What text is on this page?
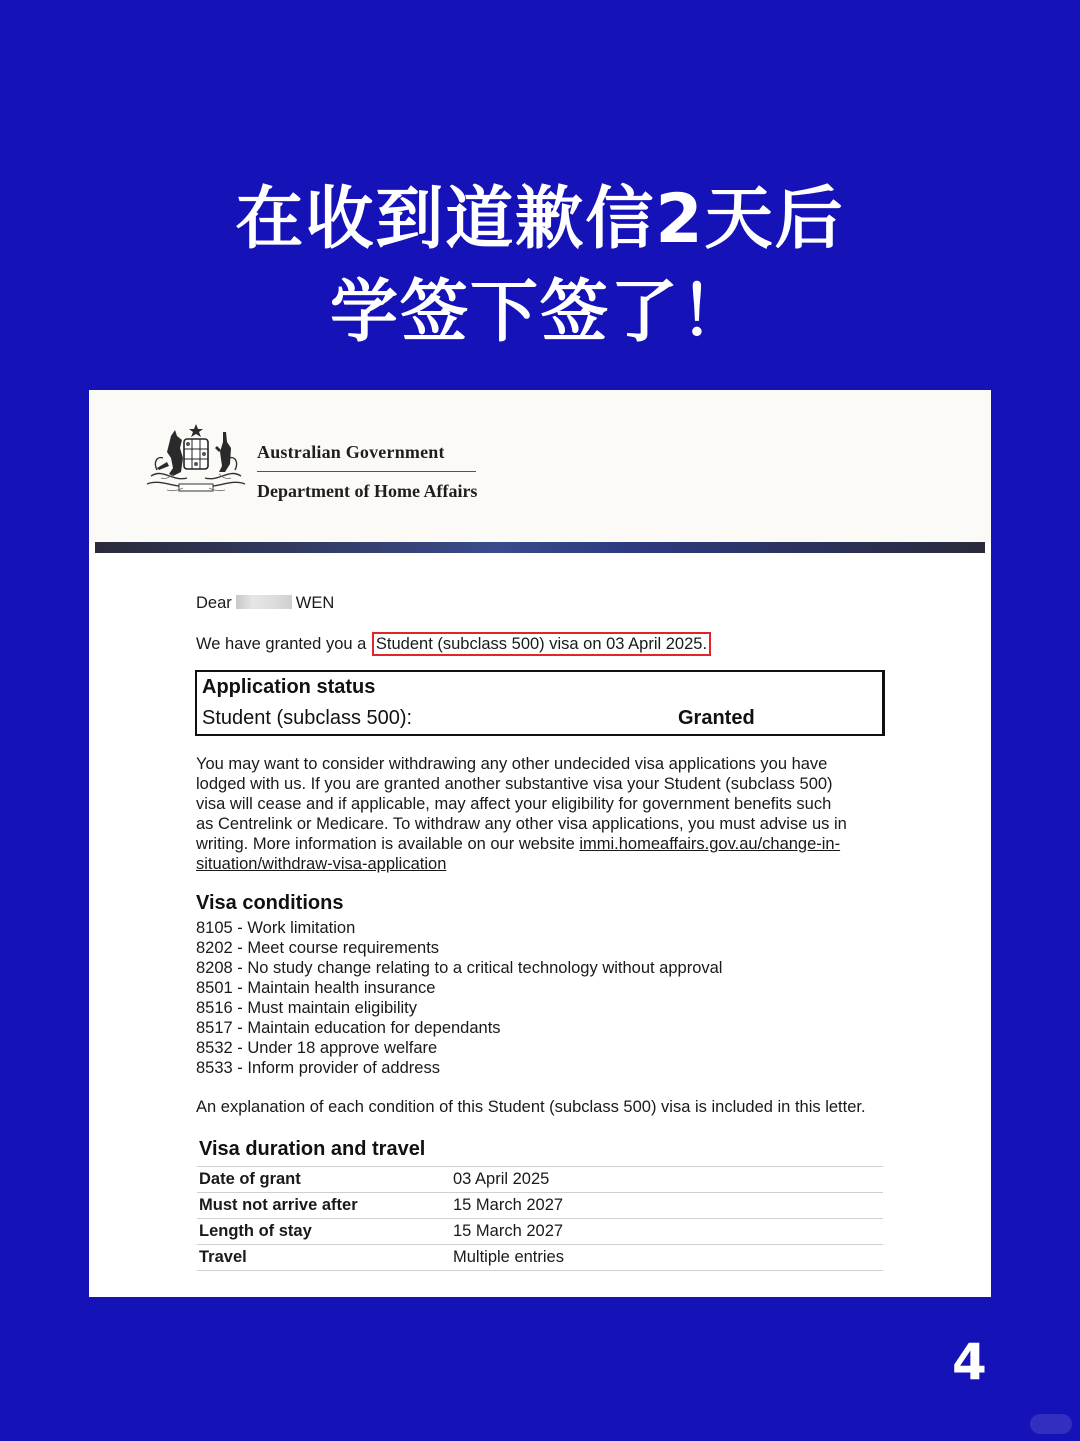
在收到道歉信2天后
学签下签了！
Australian Government
Department of Home Affairs
Dear	WEN
We have granted you a Student (subclass 500) visa on 03 April 2025.
Application status
Student (subclass 500):	Granted
You may want to consider withdrawing any other undecided visa applications you have
lodged with us. If you are granted another substantive visa your Student (subclass 500)
visa will cease and if applicable, may affect your eligibility for government benefits such
as Centrelink or Medicare. To withdraw any other visa applications, you must advise us in
writing. More information is available on our website immi.homeaffairs.gov.au/change-in-
situation/withdraw-visa-application
Visa conditions
8105 - Work limitation
8202 - Meet course requirements
8208 - No study change relating to a critical technology without approval
8501 - Maintain health insurance
8516 - Must maintain eligibility
8517 - Maintain education for dependants
8532 - Under 18 approve welfare
8533 - Inform provider of address
An explanation of each condition of this Student (subclass 500) visa is included in this letter.
Visa duration and travel
Date of grant	03 April 2025
Must not arrive after	15 March 2027
Length of stay	15 March 2027
Travel	Multiple entries
4
